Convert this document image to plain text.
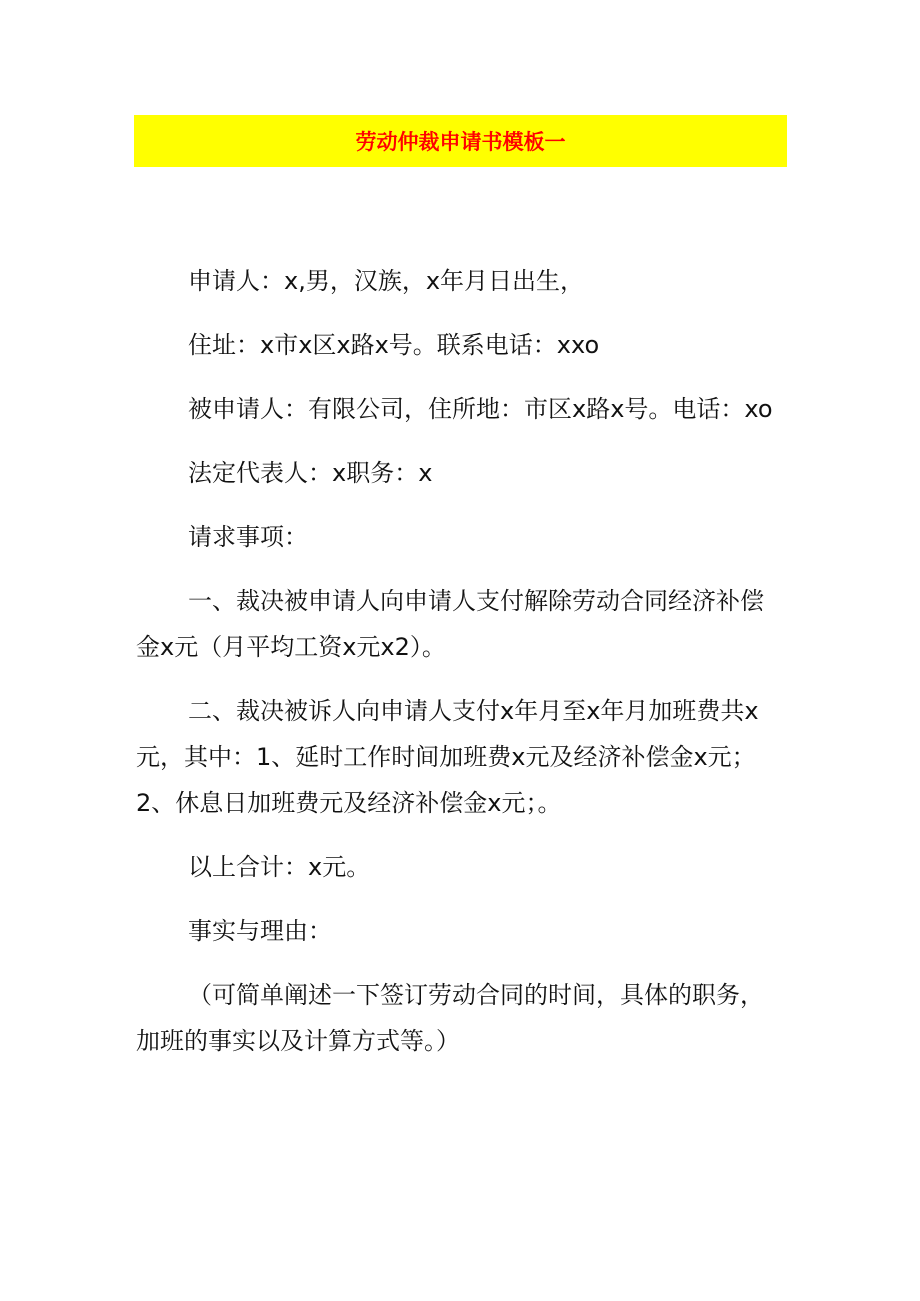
劳动仲裁申请书模板一

申请人：x,男，汉族，x年月日出生，

住址：x市x区x路x号。联系电话：xxo

被申请人：有限公司，住所地：市区x路x号。电话：xo

法定代表人：x职务：x

请求事项：

一、裁决被申请人向申请人支付解除劳动合同经济补偿金x元（月平均工资x元x2）。

二、裁决被诉人向申请人支付x年月至x年月加班费共x元，其中：1、延时工作时间加班费x元及经济补偿金x元；2、休息日加班费元及经济补偿金x元；。

以上合计：x元。

事实与理由：

（可简单阐述一下签订劳动合同的时间，具体的职务，加班的事实以及计算方式等。）
